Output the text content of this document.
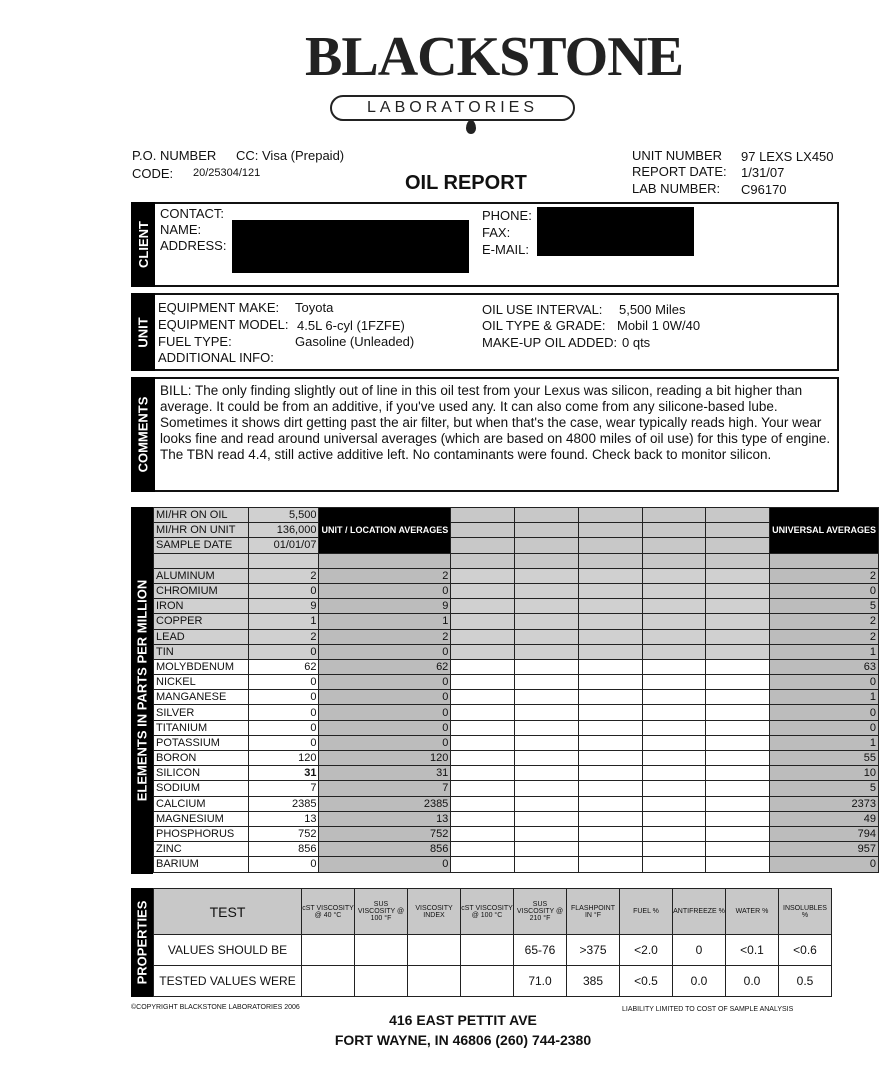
BLACKSTONE
LABORATORIES
P.O. NUMBER CC: Visa (Prepaid)
CODE: 20/25304/121	OIL REPORT
UNIT NUMBER 97 LEXS LX450
REPORT DATE: 1/31/07
LAB NUMBER: C96170
CLIENT
CONTACT:
NAME:
ADDRESS:
PHONE:
FAX:
E-MAIL:
UNIT
EQUIPMENT MAKE: Toyota
EQUIPMENT MODEL: 4.5L 6-cyl (1FZFE)
FUEL TYPE:	Gasoline (Unleaded)
ADDITIONAL INFO:
OIL USE INTERVAL: 5,500 Miles
OIL TYPE & GRADE: Mobil 1 0W/40
MAKE-UP OIL ADDED: 0 qts
COMMENTS
BILL: The only finding slightly out of line in this oil test from your Lexus was silicon, reading a bit higher than average. It could be from an additive, if you've used any. It can also come from any silicone-based lube. Sometimes it shows dirt getting past the air filter, but when that's the case, wear typically reads high. Your wear looks fine and read around universal averages (which are based on 4800 miles of oil use) for this type of engine. The TBN read 4.4, still active additive left. No contaminants were found. Check back to monitor silicon.
ELEMENTS IN PARTS PER MILLION
MI/HR ON OIL	5,500	UNIT / LOCATION AVERAGES						UNIVERSAL AVERAGES
MI/HR ON UNIT	136,000							
SAMPLE DATE	01/01/07							

ALUMINUM	2	2						2
CHROMIUM	0	0						0
IRON	9	9						5
COPPER	1	1						2
LEAD	2	2						2
TIN	0	0						1
MOLYBDENUM	62	62						63
NICKEL	0	0						0
MANGANESE	0	0						1
SILVER	0	0						0
TITANIUM	0	0						0
POTASSIUM	0	0						1
BORON	120	120						55
SILICON	31	31						10
SODIUM	7	7						5
CALCIUM	2385	2385						2373
MAGNESIUM	13	13						49
PHOSPHORUS	752	752						794
ZINC	856	856						957
BARIUM	0	0						0
PROPERTIES	TEST	cST VISCOSITY @ 40 °C	SUS VISCOSITY @ 100 °F	VISCOSITY INDEX	cST VISCOSITY @ 100 °C	SUS VISCOSITY @ 210 °F	FLASHPOINT IN °F	FUEL %	ANTIFREEZE %	WATER %	INSOLUBLES %
VALUES SHOULD BE					65-76	>375	<2.0	0	<0.1	<0.6
TESTED VALUES WERE					71.0	385	<0.5	0.0	0.0	0.5
©COPYRIGHT BLACKSTONE LABORATORIES 2006	LIABILITY LIMITED TO COST OF SAMPLE ANALYSIS
416 EAST PETTIT AVE
FORT WAYNE, IN 46806 (260) 744-2380
